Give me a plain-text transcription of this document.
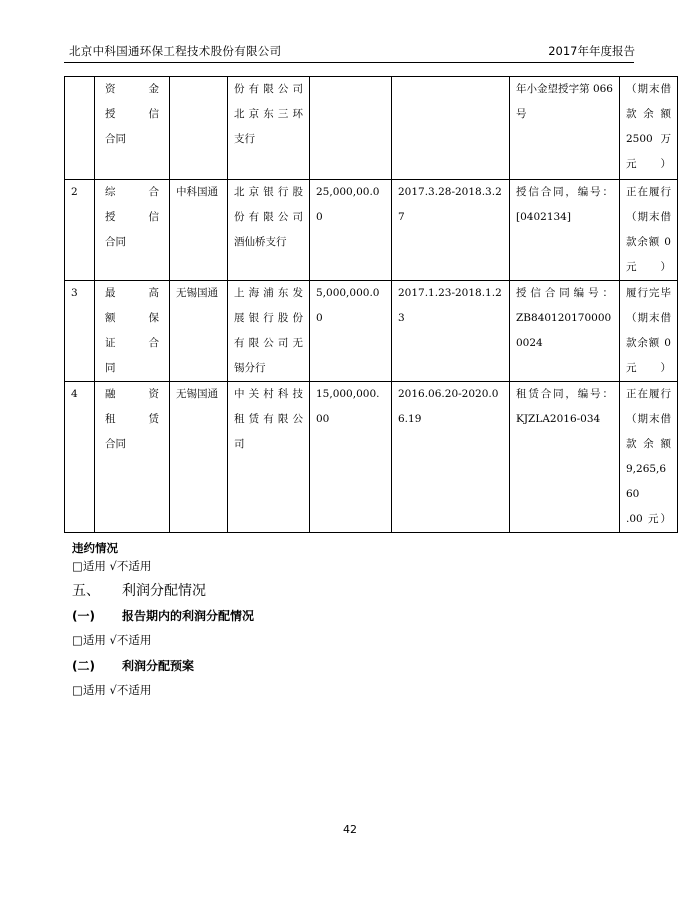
北京中科国通环保工程技术股份有限公司	2017年年度报告

	资 金
授 信
合同		份有限公司
北京东三环
支行			年小金望授字第 066
号	（期末借
款余额
2500 万
元）

2	综 合
授 信
合同	中科国通	北京银行股
份有限公司
酒仙桥支行	25,000,00.00	2017.3.28-2018.3.27	授信合同，编号：
[0402134]	正在履行
（期末借
款余额 0
元）

3	最 高
额 保
证 合
同	无锡国通	上海浦东发
展银行股份
有限公司无
锡分行	5,000,000.00	2017.1.23-2018.1.23	授信合同编号：
ZB8401201700000024	履行完毕
（期末借
款余额 0
元）

4	融 资
租 赁
合同	无锡国通	中关村科技
租赁有限公
司	15,000,000.00	2016.06.20-2020.06.19	租赁合同，编号：
KJZLA2016-034	正在履行
（期末借
款余额
9,265,660
.00 元）
违约情况
□适用 √不适用
五、 利润分配情况
(一) 报告期内的利润分配情况
□适用 √不适用
(二) 利润分配预案
□适用 √不适用
42
